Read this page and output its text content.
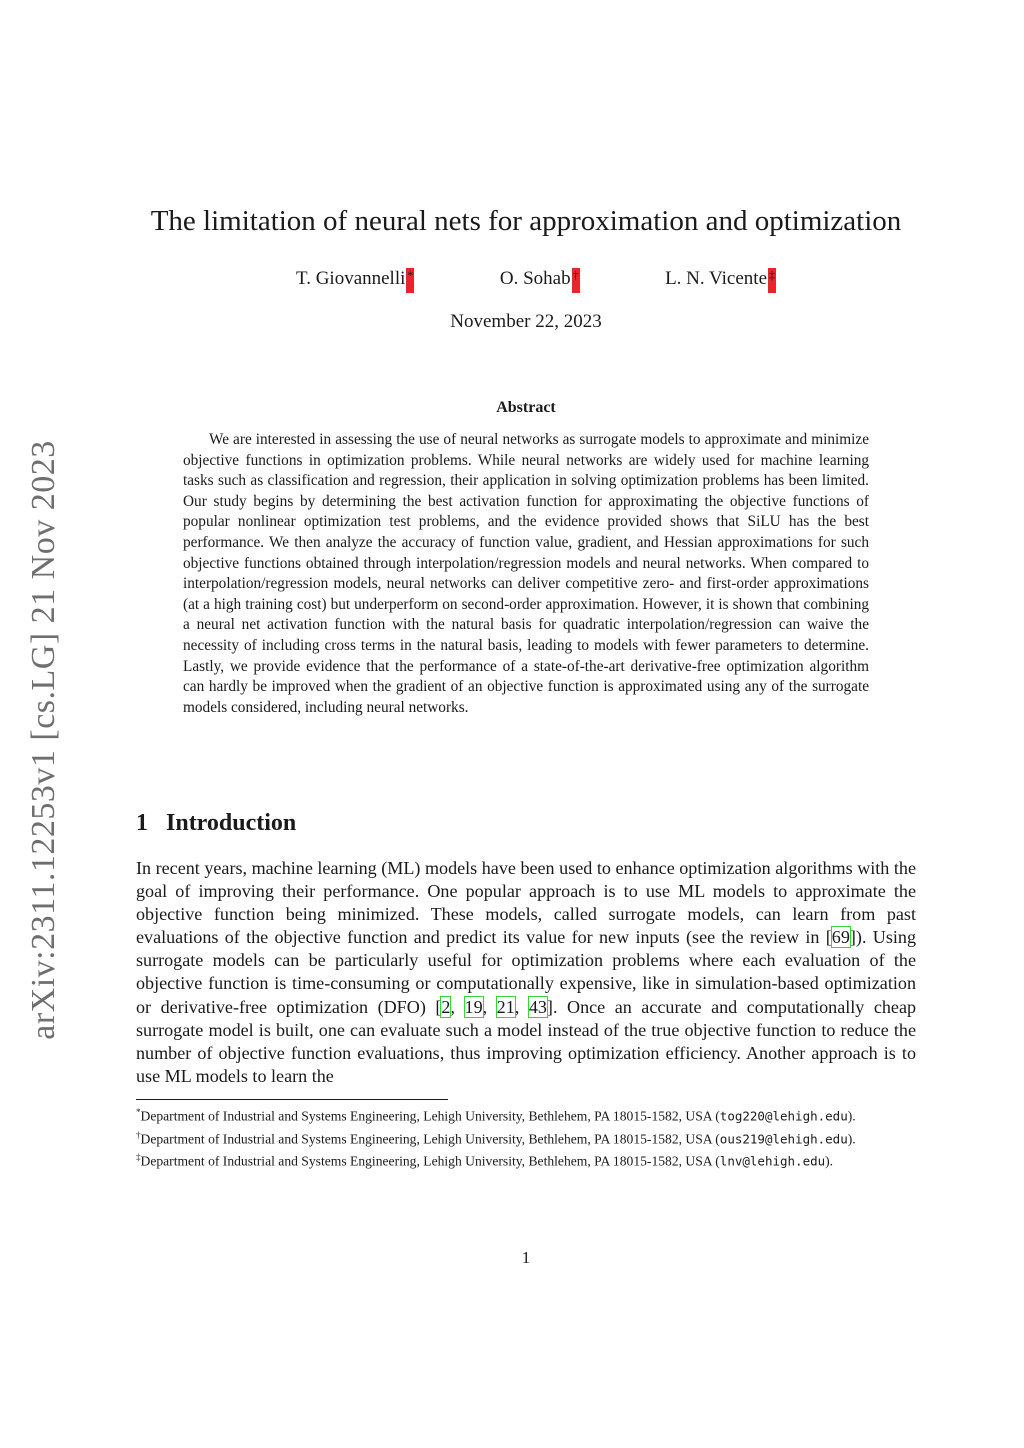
arXiv:2311.12253v1 [cs.LG] 21 Nov 2023
The limitation of neural nets for approximation and optimization
T. Giovannelli *	O. Sohab †	L. N. Vicente ‡
November 22, 2023
Abstract

We are interested in assessing the use of neural networks as surrogate models to approximate and minimize objective functions in optimization problems. While neural networks are widely used for machine learning tasks such as classification and regression, their application in solving optimization problems has been limited. Our study begins by determining the best activation function for approximating the objective functions of popular nonlinear optimization test problems, and the evidence provided shows that SiLU has the best performance. We then analyze the accuracy of function value, gradient, and Hessian approximations for such objective functions obtained through interpolation/regression models and neural networks. When compared to interpolation/regression models, neural networks can deliver competitive zero- and first-order approximations (at a high training cost) but underperform on second-order approximation. However, it is shown that combining a neural net activation function with the natural basis for quadratic interpolation/regression can waive the necessity of including cross terms in the natural basis, leading to models with fewer parameters to determine. Lastly, we provide evidence that the performance of a state-of-the-art derivative-free optimization algorithm can hardly be improved when the gradient of an objective function is approximated using any of the surrogate models considered, including neural networks.

1 Introduction

In recent years, machine learning (ML) models have been used to enhance optimization algorithms with the goal of improving their performance. One popular approach is to use ML models to approximate the objective function being minimized. These models, called surrogate models, can learn from past evaluations of the objective function and predict its value for new inputs (see the review in [69]). Using surrogate models can be particularly useful for optimization problems where each evaluation of the objective function is time-consuming or computationally expensive, like in simulation-based optimization or derivative-free optimization (DFO) [2, 19, 21, 43]. Once an accurate and computationally cheap surrogate model is built, one can evaluate such a model instead of the true objective function to reduce the number of objective function evaluations, thus improving optimization efficiency. Another approach is to use ML models to learn the

*Department of Industrial and Systems Engineering, Lehigh University, Bethlehem, PA 18015-1582, USA (tog220@lehigh.edu).

†Department of Industrial and Systems Engineering, Lehigh University, Bethlehem, PA 18015-1582, USA (ous219@lehigh.edu).

‡Department of Industrial and Systems Engineering, Lehigh University, Bethlehem, PA 18015-1582, USA (lnv@lehigh.edu).

1
